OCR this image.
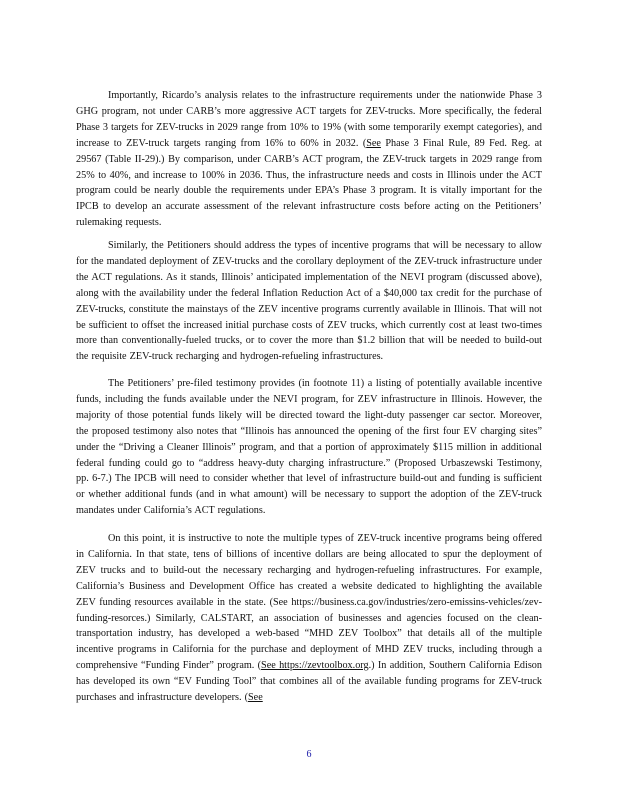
Importantly, Ricardo’s analysis relates to the infrastructure requirements under the nationwide Phase 3 GHG program, not under CARB’s more aggressive ACT targets for ZEV-trucks. More specifically, the federal Phase 3 targets for ZEV-trucks in 2029 range from 10% to 19% (with some temporarily exempt categories), and increase to ZEV-truck targets ranging from 16% to 60% in 2032. (See Phase 3 Final Rule, 89 Fed. Reg. at 29567 (Table II-29).) By comparison, under CARB’s ACT program, the ZEV-truck targets in 2029 range from 25% to 40%, and increase to 100% in 2036. Thus, the infrastructure needs and costs in Illinois under the ACT program could be nearly double the requirements under EPA’s Phase 3 program. It is vitally important for the IPCB to develop an accurate assessment of the relevant infrastructure costs before acting on the Petitioners’ rulemaking requests.

Similarly, the Petitioners should address the types of incentive programs that will be necessary to allow for the mandated deployment of ZEV-trucks and the corollary deployment of the ZEV-truck infrastructure under the ACT regulations. As it stands, Illinois’ anticipated implementation of the NEVI program (discussed above), along with the availability under the federal Inflation Reduction Act of a $40,000 tax credit for the purchase of ZEV-trucks, constitute the mainstays of the ZEV incentive programs currently available in Illinois. That will not be sufficient to offset the increased initial purchase costs of ZEV trucks, which currently cost at least two-times more than conventionally-fueled trucks, or to cover the more than $1.2 billion that will be needed to build-out the requisite ZEV-truck recharging and hydrogen-refueling infrastructures.

The Petitioners’ pre-filed testimony provides (in footnote 11) a listing of potentially available incentive funds, including the funds available under the NEVI program, for ZEV infrastructure in Illinois. However, the majority of those potential funds likely will be directed toward the light-duty passenger car sector. Moreover, the proposed testimony also notes that “Illinois has announced the opening of the first four EV charging sites” under the “Driving a Cleaner Illinois” program, and that a portion of approximately $115 million in additional federal funding could go to “address heavy-duty charging infrastructure.” (Proposed Urbaszewski Testimony, pp. 6-7.) The IPCB will need to consider whether that level of infrastructure build-out and funding is sufficient or whether additional funds (and in what amount) will be necessary to support the adoption of the ZEV-truck mandates under California’s ACT regulations.

On this point, it is instructive to note the multiple types of ZEV-truck incentive programs being offered in California. In that state, tens of billions of incentive dollars are being allocated to spur the deployment of ZEV trucks and to build-out the necessary recharging and hydrogen-refueling infrastructures. For example, California’s Business and Development Office has created a website dedicated to highlighting the available ZEV funding resources available in the state. (See https://business.ca.gov/industries/zero-emissins-vehicles/zev-funding-resorces.) Similarly, CALSTART, an association of businesses and agencies focused on the clean-transportation industry, has developed a web-based “MHD ZEV Toolbox” that details all of the multiple incentive programs in California for the purchase and deployment of MHD ZEV trucks, including through a comprehensive “Funding Finder” program. (See https://zevtoolbox.org.) In addition, Southern California Edison has developed its own “EV Funding Tool” that combines all of the available funding programs for ZEV-truck purchases and infrastructure developers. (See

6
